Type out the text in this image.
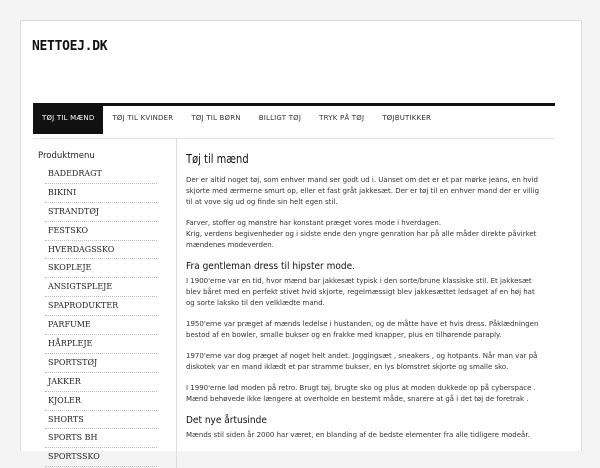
NETTOEJ.DK
TØJ TIL MÆND	TØJ TIL KVINDER	TØJ TIL BØRN	BILLIGT TØJ	TRYK PÅ TØJ	TØJBUTIKKER
Produktmenu
BADEDRAGT
BIKINI
STRANDTØJ
FESTSKO
HVERDAGSSKO
SKOPLEJE
ANSIGTSPLEJE
SPAPRODUKTER
PARFUME
HÅRPLEJE
SPORTSTØJ
JAKKER
KJOLER
SHORTS
SPORTS BH
SPORTSSKO
Tøj til mænd
Der er altid noget tøj, som enhver mand ser godt ud i. Uanset om det er et par mørke jeans, en hvid
skjorte med ærmerne smurt op, eller et fast gråt jakkesæt. Der er tøj til en enhver mand der er villig
til at vove sig ud og finde sin helt egen stil.
Farver, stoffer og mønstre har konstant præget vores mode i hverdagen.
Krig, verdens begivenheder og i sidste ende den yngre genration har på alle måder direkte påvirket
mændenes modeverden.
Fra gentleman dress til hipster mode.
I 1900'erne var en tid, hvor mænd bar jakkesæt typisk i den sorte/brune klassiske stil. Et jakkesæt
blev båret med en perfekt stivet hvid skjorte, regelmæssigt blev jakkesættet ledsaget af en høj hat
og sorte laksko til den velklædte mand.
1950'erne var præget af mænds ledelse i hustanden, og de måtte have et hvis dress. Påklædningen
bestod af en bowler, smalle bukser og en frakke med knapper, plus en tilhørende paraply.
1970'erne var dog præget af noget helt andet. Joggingsæt , sneakers , og hotpants. Når man var på
diskotek var en mand iklædt et par stramme bukser, en lys blomstret skjorte og smalle sko.
I 1990'erne lød moden på retro. Brugt tøj, brugte sko og plus at moden dukkede op på cyberspace .
Mænd behøvede ikke længere at overholde en bestemt måde, snarere at gå i det tøj de foretrak .
Det nye årtusinde
Mænds stil siden år 2000 har været, en blanding af de bedste elementer fra alle tidligere modeår.
